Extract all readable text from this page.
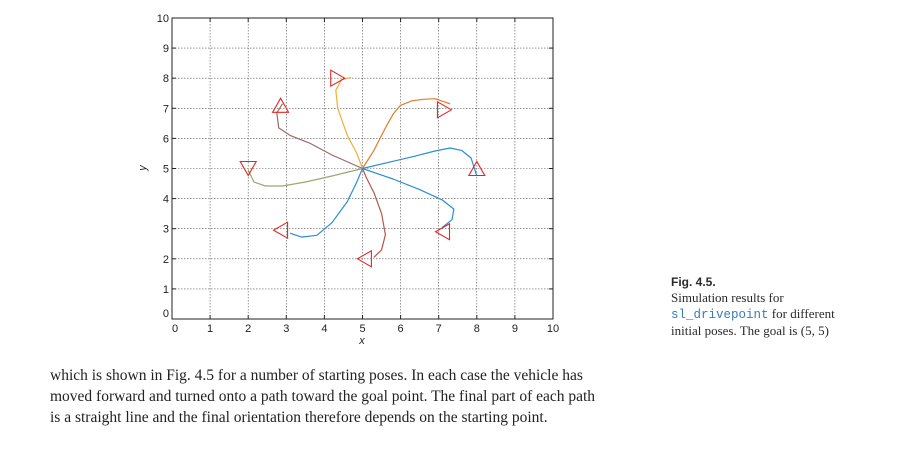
0	1	2	3	4	5	6	7	8	9	10
0
1
2
3
4
5
6
7
8
9
10
x
y
Fig. 4.5.
Simulation results for
sl_drivepoint for different
initial poses. The goal is (5, 5)
which is shown in Fig. 4.5 for a number of starting poses. In each case the vehicle has
moved forward and turned onto a path toward the goal point. The final part of each path
is a straight line and the final orientation therefore depends on the starting point.
